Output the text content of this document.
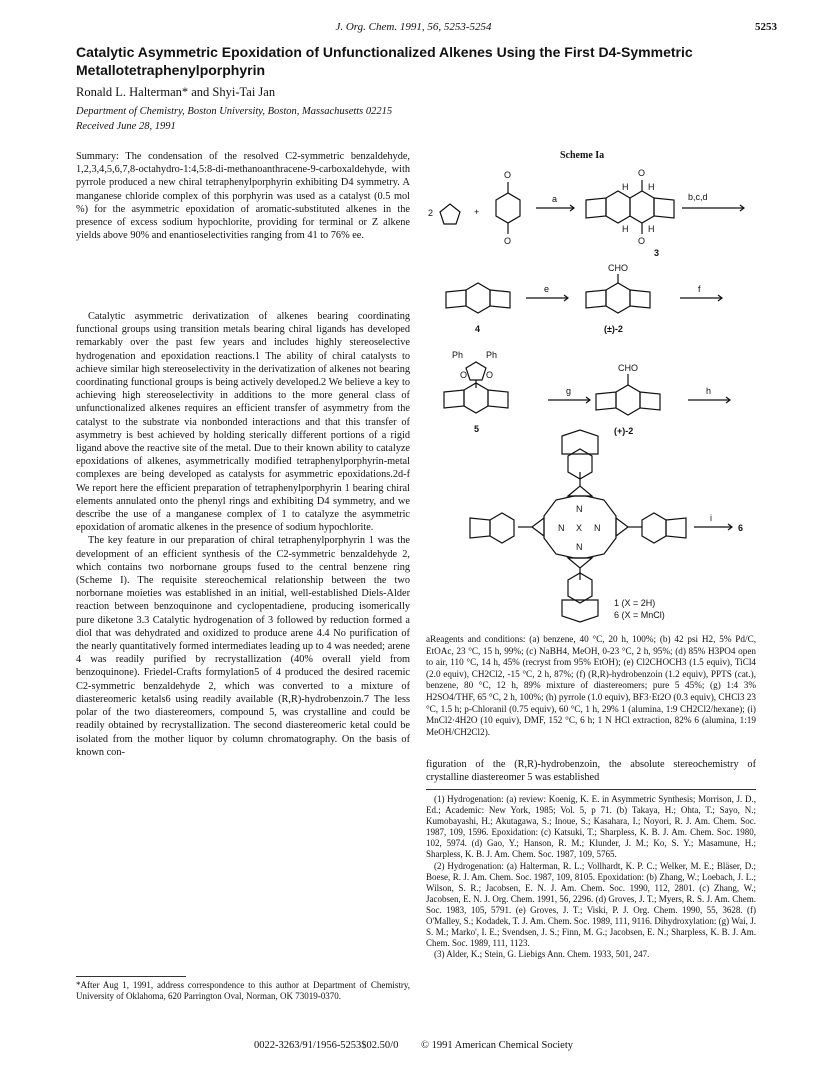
J. Org. Chem. 1991, 56, 5253-5254	5253
Catalytic Asymmetric Epoxidation of Unfunctionalized Alkenes Using the First D4-Symmetric Metallotetraphenylporphyrin
Ronald L. Halterman* and Shyi-Tai Jan
Department of Chemistry, Boston University, Boston, Massachusetts 02215
Received June 28, 1991
Summary: The condensation of the resolved C2-symmetric benzaldehyde, 1,2,3,4,5,6,7,8-octahydro-1:4,5:8-di-methanoanthracene-9-carboxaldehyde, with pyrrole produced a new chiral tetraphenylporphyrin exhibiting D4 symmetry. A manganese chloride complex of this porphyrin was used as a catalyst (0.5 mol %) for the asymmetric epoxidation of aromatic-substituted alkenes in the presence of excess sodium hypochlorite, providing for terminal or Z alkene yields above 90% and enantioselectivities ranging from 41 to 76% ee.

Catalytic asymmetric derivatization of alkenes bearing coordinating functional groups using transition metals bearing chiral ligands has developed remarkably over the past few years and includes highly stereoselective hydrogenation and epoxidation reactions.1 The ability of chiral catalysts to achieve similar high stereoselectivity in the derivatization of alkenes not bearing coordinating functional groups is being actively developed.2 We believe a key to achieving high stereoselectivity in additions to the more general class of unfunctionalized alkenes requires an efficient transfer of asymmetry from the catalyst to the substrate via nonbonded interactions and that this transfer of asymmetry is best achieved by holding sterically different portions of a rigid ligand above the reactive site of the metal. Due to their known ability to catalyze epoxidations of alkenes, asymmetrically modified tetraphenylporphyrin-metal complexes are being developed as catalysts for asymmetric epoxidations.2d-f We report here the efficient preparation of tetraphenylporphyrin 1 bearing chiral elements annulated onto the phenyl rings and exhibiting D4 symmetry, and we describe the use of a manganese complex of 1 to catalyze the asymmetric epoxidation of aromatic alkenes in the presence of sodium hypochlorite.

The key feature in our preparation of chiral tetraphenylporphyrin 1 was the development of an efficient synthesis of the C2-symmetric benzaldehyde 2, which contains two norbornane groups fused to the central benzene ring (Scheme I). The requisite stereochemical relationship between the two norbornane moieties was established in an initial, well-established Diels-Alder reaction between benzoquinone and cyclopentadiene, producing isomerically pure diketone 3.3 Catalytic hydrogenation of 3 followed by reduction formed a diol that was dehydrated and oxidized to produce arene 4.4 No purification of the nearly quantitatively formed intermediates leading up to 4 was needed; arene 4 was readily purified by recrystallization (40% overall yield from benzoquinone). Friedel-Crafts formylation5 of 4 produced the desired racemic C2-symmetric benzaldehyde 2, which was converted to a mixture of diastereomeric ketals6 using readily available (R,R)-hydrobenzoin.7 The less polar of the two diastereomers, compound 5, was crystalline and could be readily obtained by recrystallization. The second diastereomeric ketal could be isolated from the mother liquor by column chromatography. On the basis of known con-

*After Aug 1, 1991, address correspondence to this author at Department of Chemistry, University of Oklahoma, 620 Parrington Oval, Norman, OK 73019-0370.
Scheme Ia
2	+
O
O
a
O
O
H H
H H
3
b,c,d
4
e
CHO
(±)-2
f
Ph	Ph
O O
5
g
CHO
(+)-2
h
N
N	N
N
X
i
6
1 (X = 2H)
6 (X = MnCl)
aReagents and conditions: (a) benzene, 40 °C, 20 h, 100%; (b) 42 psi H2, 5% Pd/C, EtOAc, 23 °C, 15 h, 99%; (c) NaBH4, MeOH, 0-23 °C, 2 h, 95%; (d) 85% H3PO4 open to air, 110 °C, 14 h, 45% (recryst from 95% EtOH); (e) Cl2CHOCH3 (1.5 equiv), TiCl4 (2.0 equiv), CH2Cl2, -15 °C, 2 h, 87%; (f) (R,R)-hydrobenzoin (1.2 equiv), PPTS (cat.), benzene, 80 °C, 12 h, 89% mixture of diastereomers; pure 5 45%; (g) 1:4 3% H2SO4/THF, 65 °C, 2 h, 100%; (h) pyrrole (1.0 equiv), BF3·Et2O (0.3 equiv), CHCl3 23 °C, 1.5 h; p-Chloranil (0.75 equiv), 60 °C, 1 h, 29% 1 (alumina, 1:9 CH2Cl2/hexane); (i) MnCl2·4H2O (10 equiv), DMF, 152 °C, 6 h; 1 N HCl extraction, 82% 6 (alumina, 1:19 MeOH/CH2Cl2).
figuration of the (R,R)-hydrobenzoin, the absolute stereochemistry of crystalline diastereomer 5 was established

(1) Hydrogenation: (a) review: Koenig, K. E. in Asymmetric Synthesis; Morrison, J. D., Ed.; Academic: New York, 1985; Vol. 5, p 71. (b) Takaya, H.; Ohta, T.; Sayo, N.; Kumobayashi, H.; Akutagawa, S.; Inoue, S.; Kasahara, I.; Noyori, R. J. Am. Chem. Soc. 1987, 109, 1596. Epoxidation: (c) Katsuki, T.; Sharpless, K. B. J. Am. Chem. Soc. 1980, 102, 5974. (d) Gao, Y.; Hanson, R. M.; Klunder, J. M.; Ko, S. Y.; Masamune, H.; Sharpless, K. B. J. Am. Chem. Soc. 1987, 109, 5765.

(2) Hydrogenation: (a) Halterman, R. L.; Vollhardt, K. P. C.; Welker, M. E.; Bläser, D.; Boese, R. J. Am. Chem. Soc. 1987, 109, 8105. Epoxidation: (b) Zhang, W.; Loebach, J. L.; Wilson, S. R.; Jacobsen, E. N. J. Am. Chem. Soc. 1990, 112, 2801. (c) Zhang, W.; Jacobsen, E. N. J. Org. Chem. 1991, 56, 2296. (d) Groves, J. T.; Myers, R. S. J. Am. Chem. Soc. 1983, 105, 5791. (e) Groves, J. T.; Viski, P. J. Org. Chem. 1990, 55, 3628. (f) O'Malley, S.; Kodadek, T. J. Am. Chem. Soc. 1989, 111, 9116. Dihydroxylation: (g) Wai, J. S. M.; Marko', I. E.; Svendsen, J. S.; Finn, M. G.; Jacobsen, E. N.; Sharpless, K. B. J. Am. Chem. Soc. 1989, 111, 1123.

(3) Alder, K.; Stein, G. Liebigs Ann. Chem. 1933, 501, 247.

0022-3263/91/1956-5253$02.50/0 © 1991 American Chemical Society
